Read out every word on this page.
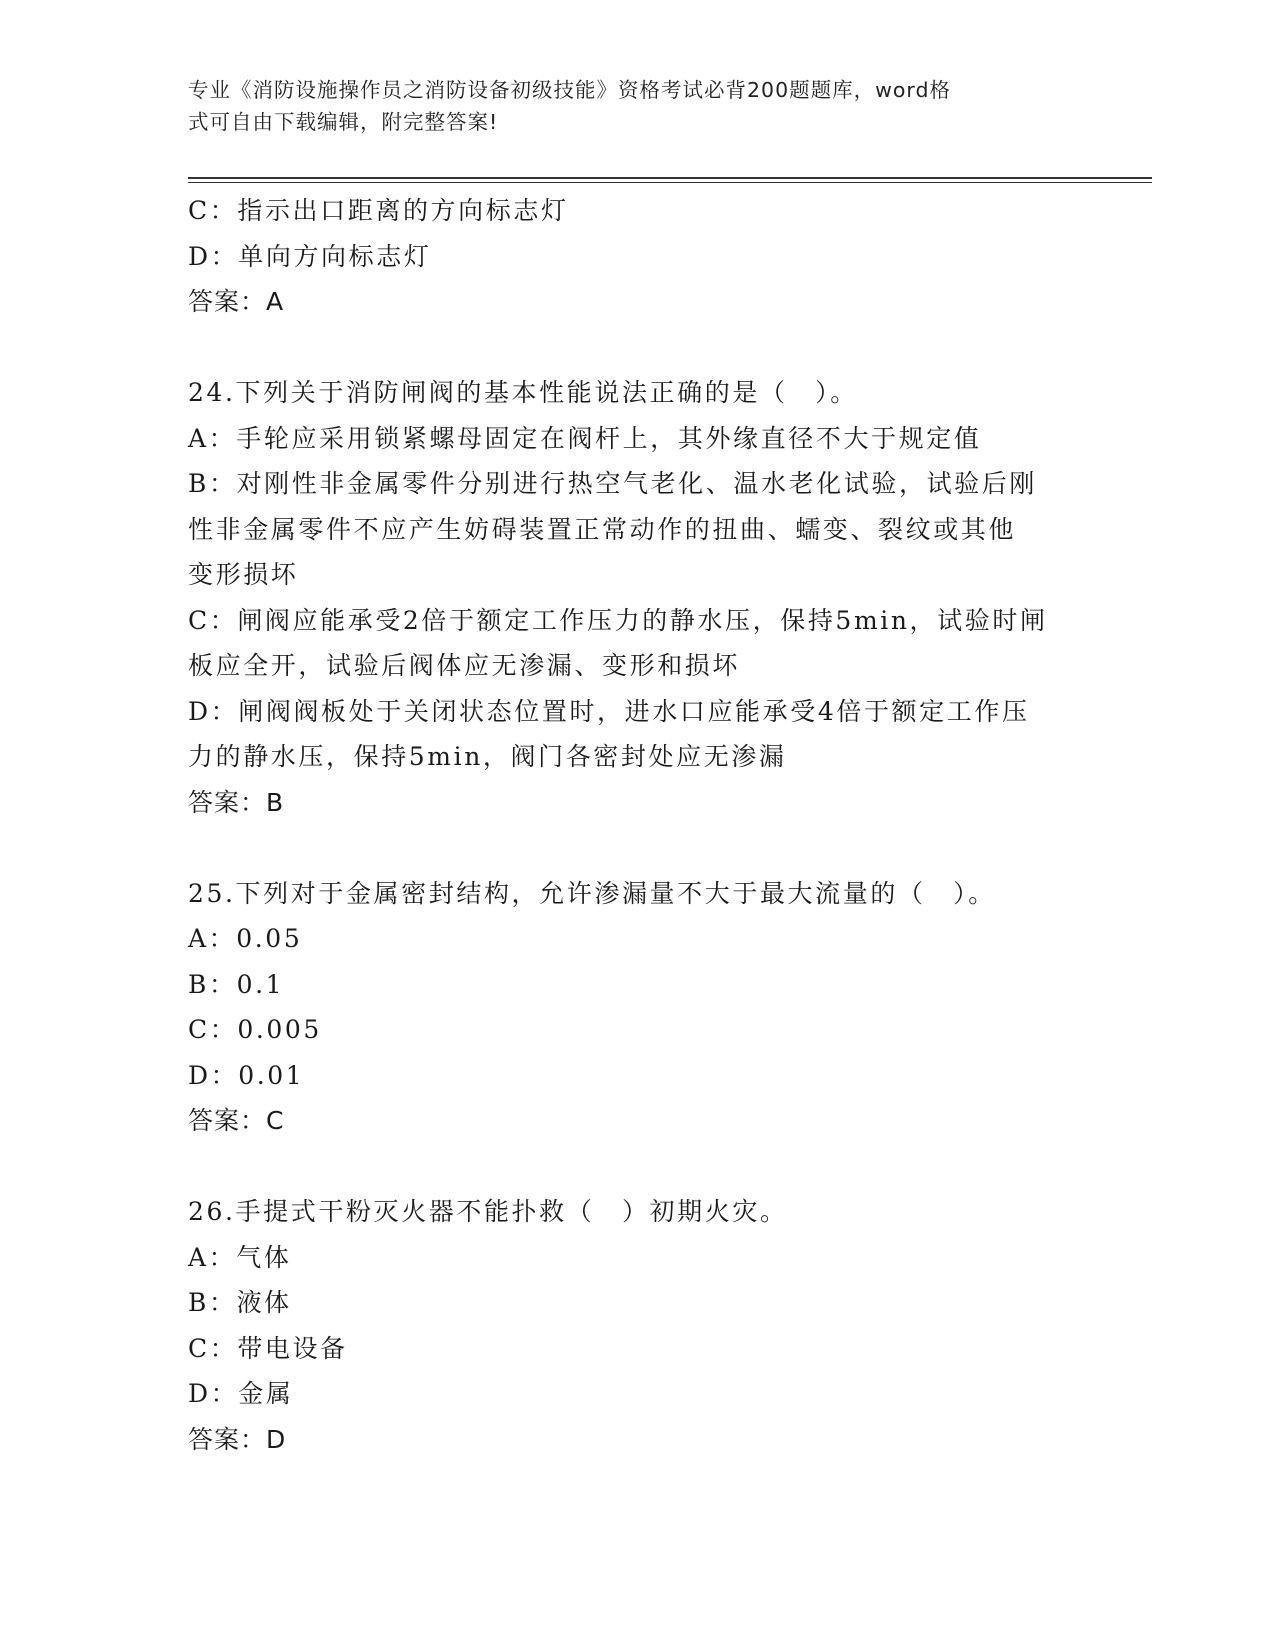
专业《消防设施操作员之消防设备初级技能》资格考试必背200题题库，word格
式可自由下载编辑，附完整答案!
C：指示出口距离的方向标志灯
D：单向方向标志灯
答案：A
24.下列关于消防闸阀的基本性能说法正确的是（　）。
A：手轮应采用锁紧螺母固定在阀杆上，其外缘直径不大于规定值
B：对刚性非金属零件分别进行热空气老化、温水老化试验，试验后刚
性非金属零件不应产生妨碍装置正常动作的扭曲、蠕变、裂纹或其他
变形损坏
C：闸阀应能承受2倍于额定工作压力的静水压，保持5min，试验时闸
板应全开，试验后阀体应无渗漏、变形和损坏
D：闸阀阀板处于关闭状态位置时，进水口应能承受4倍于额定工作压
力的静水压，保持5min，阀门各密封处应无渗漏
答案：B
25.下列对于金属密封结构，允许渗漏量不大于最大流量的（　）。
A：0.05
B：0.1
C：0.005
D：0.01
答案：C
26.手提式干粉灭火器不能扑救（　）初期火灾。
A：气体
B：液体
C：带电设备
D：金属
答案：D
